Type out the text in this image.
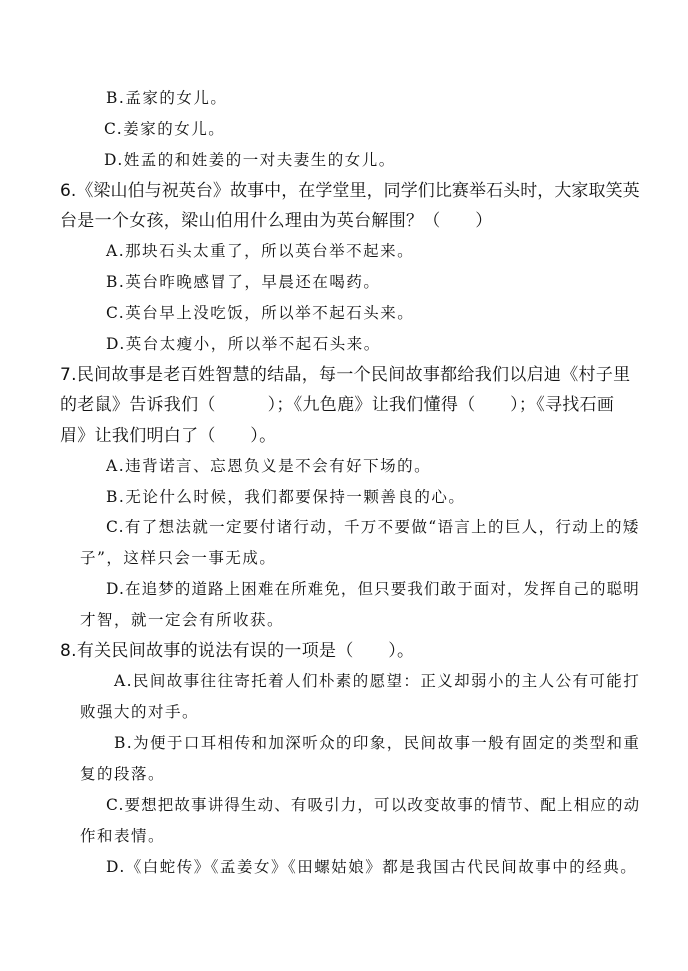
B.孟家的女儿。
C.姜家的女儿。
D.姓孟的和姓姜的一对夫妻生的女儿。
6.《梁山伯与祝英台》故事中，在学堂里，同学们比赛举石头时，大家取笑英
台是一个女孩，梁山伯用什么理由为英台解围？（　　）
A.那块石头太重了，所以英台举不起来。
B.英台昨晚感冒了，早晨还在喝药。
C.英台早上没吃饭，所以举不起石头来。
D.英台太瘦小，所以举不起石头来。
7.民间故事是老百姓智慧的结晶，每一个民间故事都给我们以启迪《村子里
的老鼠》告诉我们（　　　）；《九色鹿》让我们懂得（　　）；《寻找石画
眉》让我们明白了（　　）。
A.违背诺言、忘恩负义是不会有好下场的。
B.无论什么时候，我们都要保持一颗善良的心。
C.有了想法就一定要付诸行动，千万不要做“语言上的巨人，行动上的矮
子”，这样只会一事无成。
D.在追梦的道路上困难在所难免，但只要我们敢于面对，发挥自己的聪明
才智，就一定会有所收获。
8.有关民间故事的说法有误的一项是（　　）。
A.民间故事往往寄托着人们朴素的愿望：正义却弱小的主人公有可能打
败强大的对手。
B.为便于口耳相传和加深听众的印象，民间故事一般有固定的类型和重
复的段落。
C.要想把故事讲得生动、有吸引力，可以改变故事的情节、配上相应的动
作和表情。
D.《白蛇传》《孟姜女》《田螺姑娘》都是我国古代民间故事中的经典。
